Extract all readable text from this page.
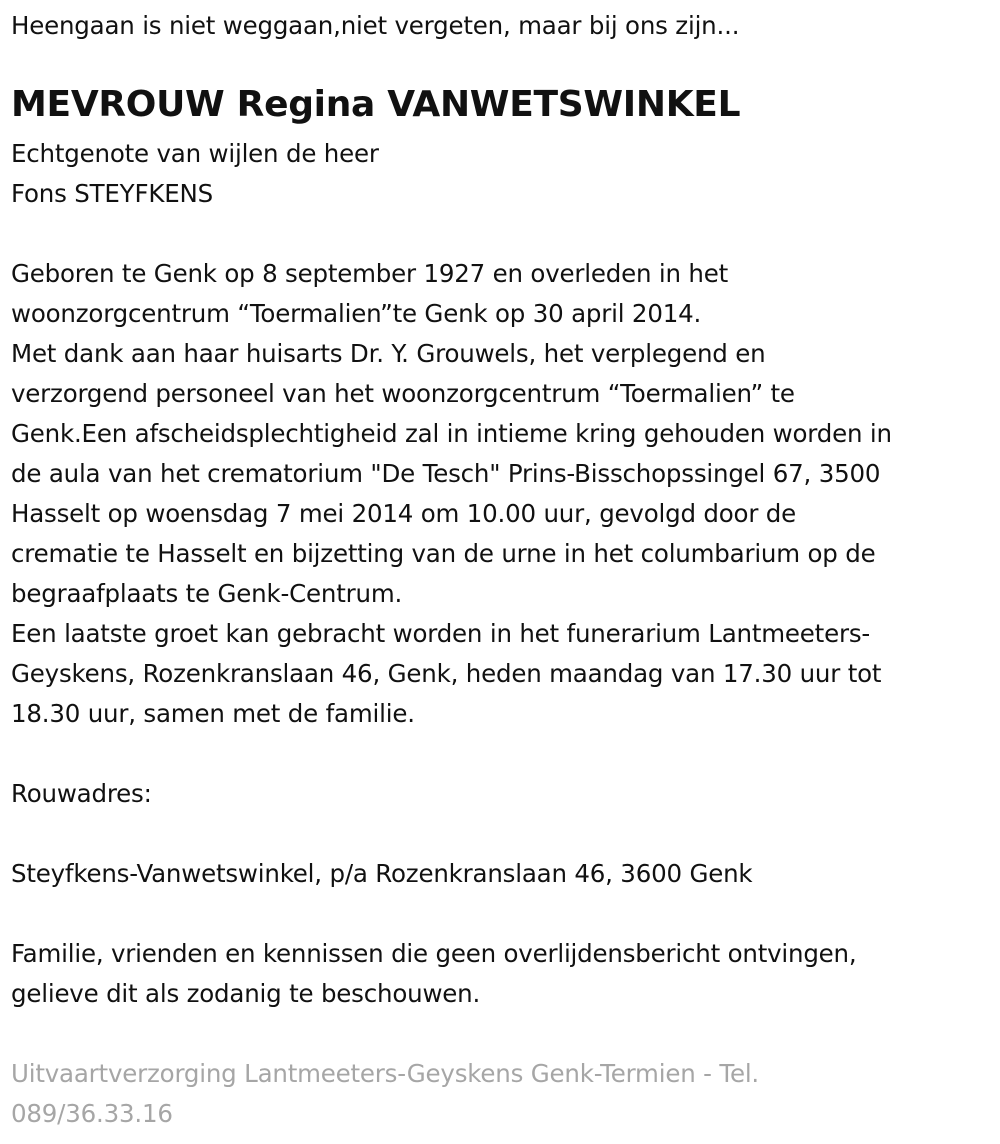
Heengaan is niet weggaan,niet vergeten, maar bij ons zijn...
MEVROUW Regina VANWETSWINKEL
Echtgenote van wijlen de heer
Fons STEYFKENS
Geboren te Genk op 8 september 1927 en overleden in het
woonzorgcentrum “Toermalien”te Genk op 30 april 2014.
Met dank aan haar huisarts Dr. Y. Grouwels, het verplegend en
verzorgend personeel van het woonzorgcentrum “Toermalien” te
Genk.Een afscheidsplechtigheid zal in intieme kring gehouden worden in
de aula van het crematorium "De Tesch" Prins-Bisschopssingel 67, 3500
Hasselt op woensdag 7 mei 2014 om 10.00 uur, gevolgd door de
crematie te Hasselt en bijzetting van de urne in het columbarium op de
begraafplaats te Genk-Centrum.
Een laatste groet kan gebracht worden in het funerarium Lantmeeters-
Geyskens, Rozenkranslaan 46, Genk, heden maandag van 17.30 uur tot
18.30 uur, samen met de familie.
Rouwadres:
Steyfkens-Vanwetswinkel, p/a Rozenkranslaan 46, 3600 Genk
Familie, vrienden en kennissen die geen overlijdensbericht ontvingen,
gelieve dit als zodanig te beschouwen.
Uitvaartverzorging Lantmeeters-Geyskens Genk-Termien - Tel.
089/36.33.16
